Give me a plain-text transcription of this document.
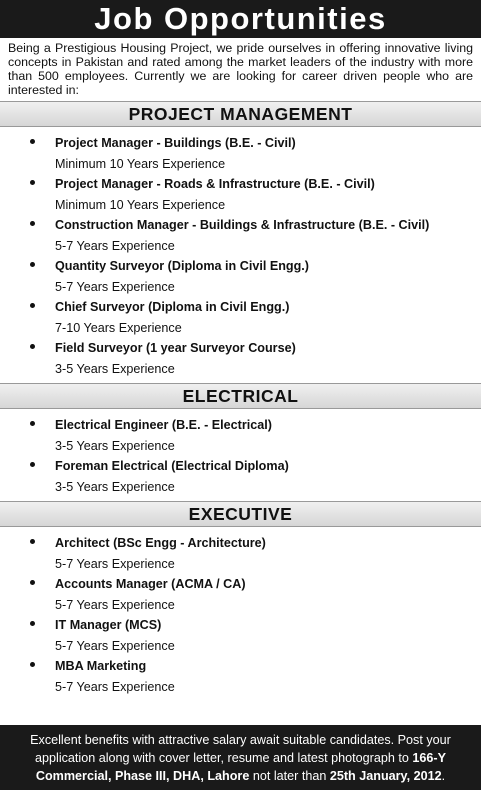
Job Opportunities
Being a Prestigious Housing Project, we pride ourselves in offering innovative living concepts in Pakistan and rated among the market leaders of the industry with more than 500 employees. Currently we are looking for career driven people who are interested in:
PROJECT MANAGEMENT
Project Manager - Buildings (B.E. - Civil)
Minimum 10 Years Experience
Project Manager - Roads & Infrastructure (B.E. - Civil)
Minimum 10 Years Experience
Construction Manager - Buildings & Infrastructure (B.E. - Civil)
5-7 Years Experience
Quantity Surveyor (Diploma in Civil Engg.)
5-7 Years Experience
Chief Surveyor (Diploma in Civil Engg.)
7-10 Years Experience
Field Surveyor (1 year Surveyor Course)
3-5 Years Experience
ELECTRICAL
Electrical Engineer (B.E. - Electrical)
3-5 Years Experience
Foreman Electrical (Electrical Diploma)
3-5 Years Experience
EXECUTIVE
Architect (BSc Engg - Architecture)
5-7 Years Experience
Accounts Manager (ACMA / CA)
5-7 Years Experience
IT Manager (MCS)
5-7 Years Experience
MBA Marketing
5-7 Years Experience
Excellent benefits with attractive salary await suitable candidates. Post your application along with cover letter, resume and latest photograph to 166-Y Commercial, Phase III, DHA, Lahore not later than 25th January, 2012.
